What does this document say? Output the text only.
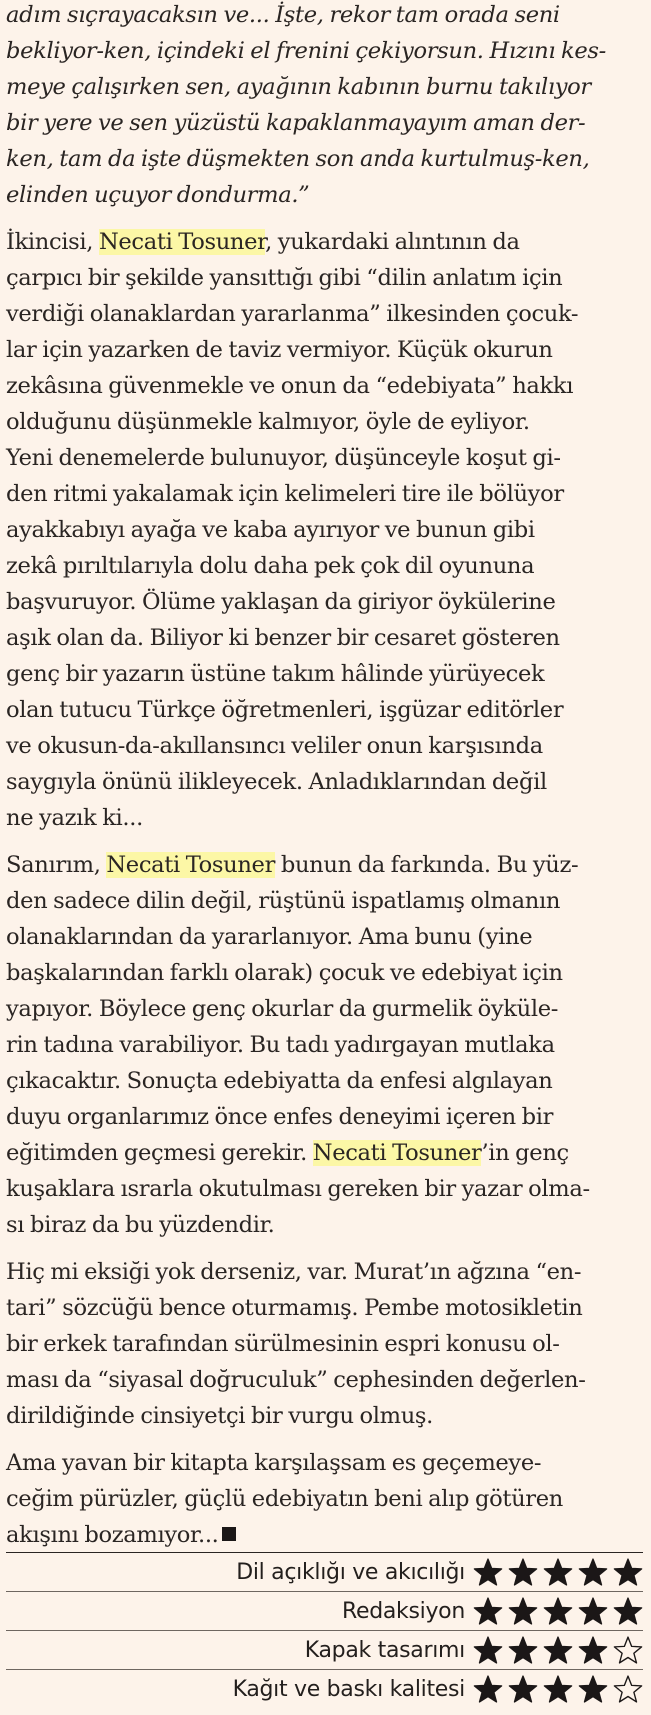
adım sıçrayacaksın ve... İşte, rekor tam orada seni

bekliyor-ken, içindeki el frenini çekiyorsun. Hızını kes-

meye çalışırken sen, ayağının kabının burnu takılıyor

bir yere ve sen yüzüstü kapaklanmayayım aman der-

ken, tam da işte düşmekten son anda kurtulmuş-ken,

elinden uçuyor dondurma.”

İkincisi, Necati Tosuner, yukardaki alıntının da

çarpıcı bir şekilde yansıttığı gibi “dilin anlatım için

verdiği olanaklardan yararlanma” ilkesinden çocuk-

lar için yazarken de taviz vermiyor. Küçük okurun

zekâsına güvenmekle ve onun da “edebiyata” hakkı

olduğunu düşünmekle kalmıyor, öyle de eyliyor.

Yeni denemelerde bulunuyor, düşünceyle koşut gi-

den ritmi yakalamak için kelimeleri tire ile bölüyor

ayakkabıyı ayağa ve kaba ayırıyor ve bunun gibi

zekâ pırıltılarıyla dolu daha pek çok dil oyununa

başvuruyor. Ölüme yaklaşan da giriyor öykülerine

aşık olan da. Biliyor ki benzer bir cesaret gösteren

genç bir yazarın üstüne takım hâlinde yürüyecek

olan tutucu Türkçe öğretmenleri, işgüzar editörler

ve okusun-da-akıllansıncı veliler onun karşısında

saygıyla önünü ilikleyecek. Anladıklarından değil

ne yazık ki...

Sanırım, Necati Tosuner bunun da farkında. Bu yüz-

den sadece dilin değil, rüştünü ispatlamış olmanın

olanaklarından da yararlanıyor. Ama bunu (yine

başkalarından farklı olarak) çocuk ve edebiyat için

yapıyor. Böylece genç okurlar da gurmelik öyküle-

rin tadına varabiliyor. Bu tadı yadırgayan mutlaka

çıkacaktır. Sonuçta edebiyatta da enfesi algılayan

duyu organlarımız önce enfes deneyimi içeren bir

eğitimden geçmesi gerekir. Necati Tosuner’in genç

kuşaklara ısrarla okutulması gereken bir yazar olma-

sı biraz da bu yüzdendir.

Hiç mi eksiği yok derseniz, var. Murat’ın ağzına “en-

tari” sözcüğü bence oturmamış. Pembe motosikletin

bir erkek tarafından sürülmesinin espri konusu ol-

ması da “siyasal doğruculuk” cephesinden değerlen-

dirildiğinde cinsiyetçi bir vurgu olmuş.

Ama yavan bir kitapta karşılaşsam es geçemeye-

ceğim pürüzler, güçlü edebiyatın beni alıp götüren

akışını bozamıyor...

Dil açıklığı ve akıcılığı
Redaksiyon
Kapak tasarımı
Kağıt ve baskı kalitesi
